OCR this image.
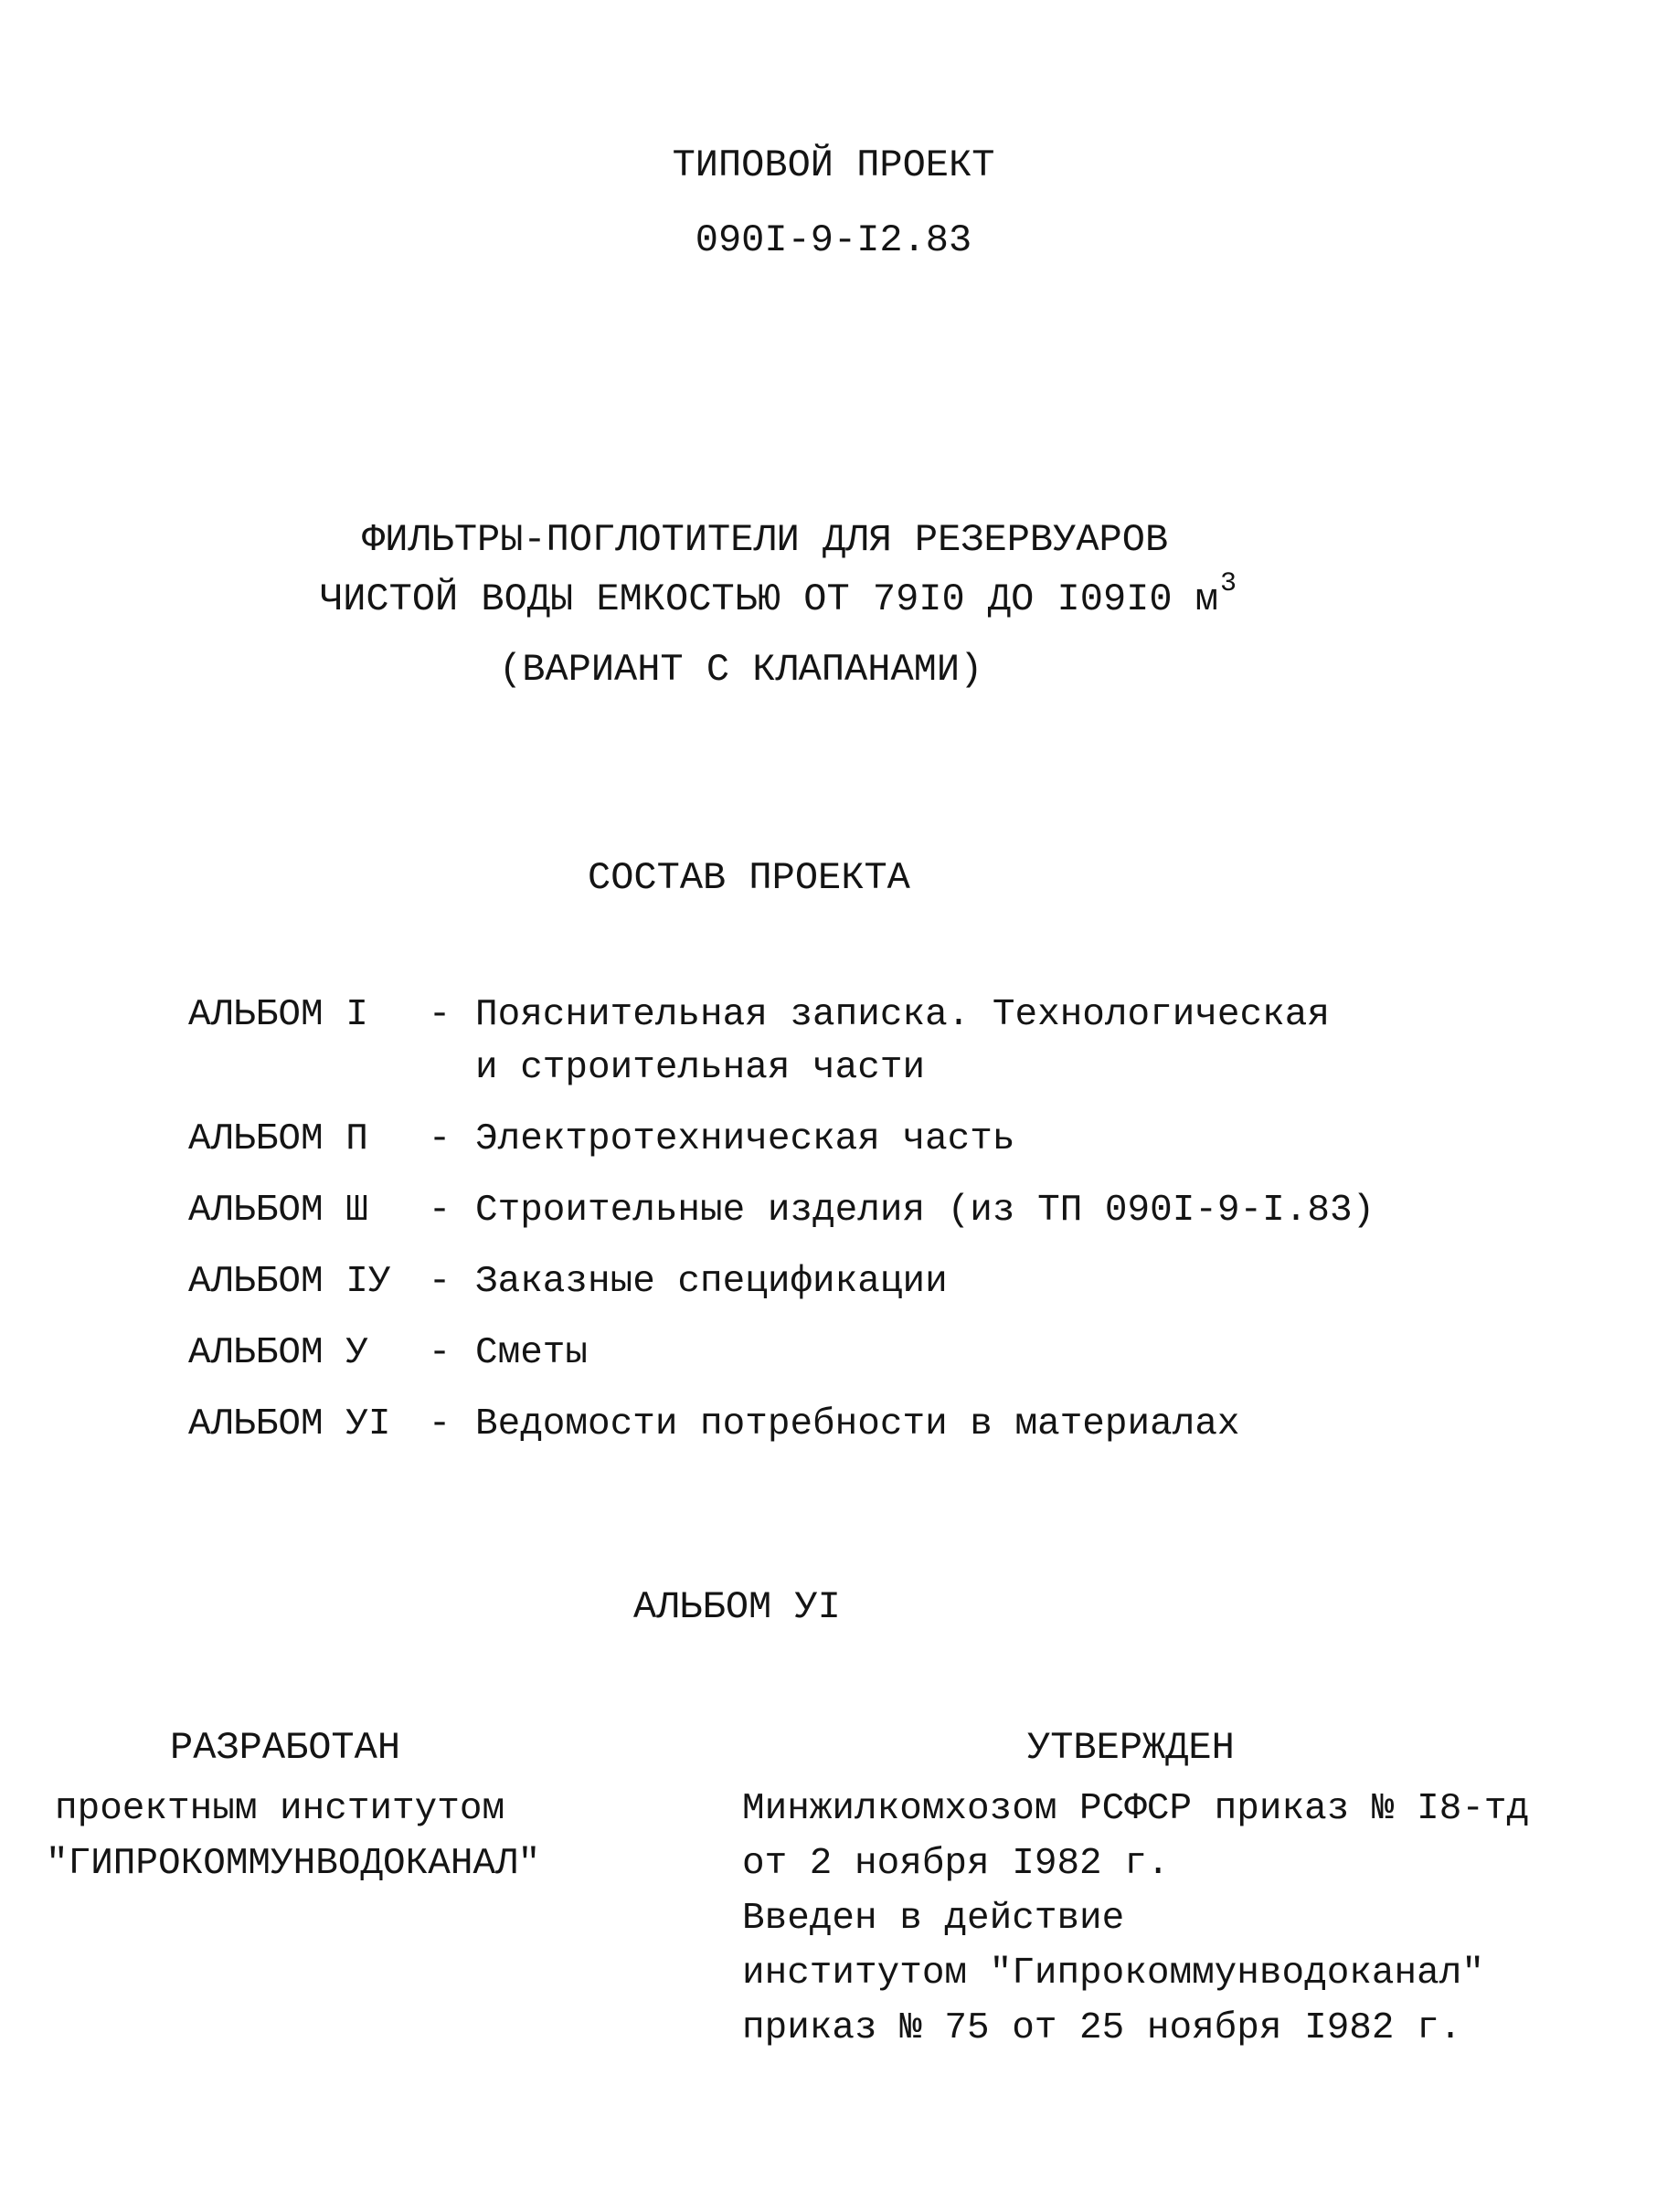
ТИПОВОЙ ПРОЕКТ
090I-9-I2.83
ФИЛЬТРЫ-ПОГЛОТИТЕЛИ ДЛЯ РЕЗЕРВУАРОВ
ЧИСТОЙ ВОДЫ ЕМКОСТЬЮ ОТ 79I0 ДО I09I0 $м^3$
(ВАРИАНТ С КЛАПАНАМИ)
СОСТАВ ПРОЕКТА
АЛЬБОМ I	- Пояснительная записка. Технологическая
и строительная части
АЛЬБОМ П	- Электротехническая часть
АЛЬБОМ Ш	- Строительные изделия (из ТП 090I-9-I.83)
АЛЬБОМ IУ	- Заказные спецификации
АЛЬБОМ У	- Сметы
АЛЬБОМ УI	- Ведомости потребности в материалах
АЛЬБОМ УI
РАЗРАБОТАН
проектным институтом
"ГИПРОКОММУНВОДОКАНАЛ"
УТВЕРЖДЕН
Минжилкомхозом РСФСР приказ № I8-тд
от 2 ноября I982 г.
Введен в действие
институтом "Гипрокоммунводоканал"
приказ № 75 от 25 ноября I982 г.
